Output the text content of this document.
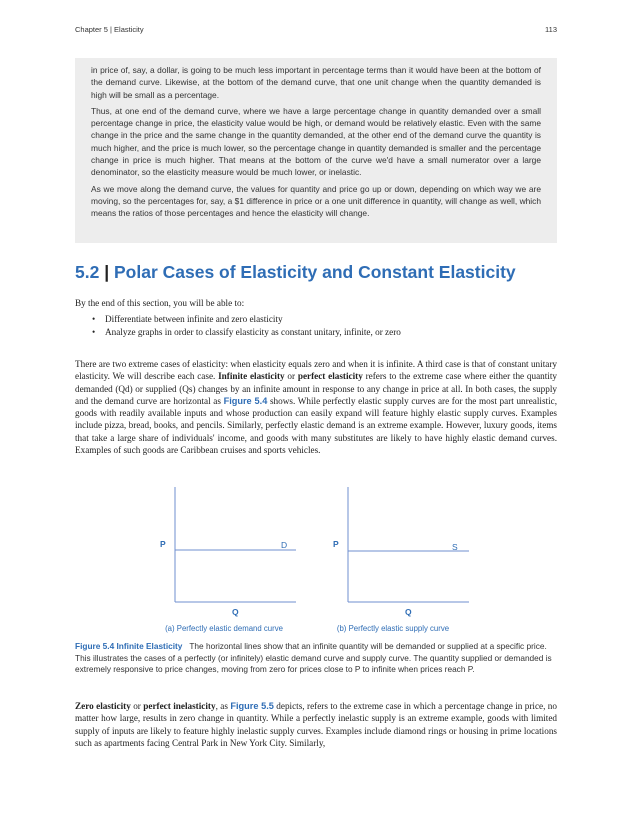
Chapter 5 | Elasticity	113

in price of, say, a dollar, is going to be much less important in percentage terms than it would have been at the bottom of the demand curve. Likewise, at the bottom of the demand curve, that one unit change when the quantity demanded is high will be small as a percentage.

Thus, at one end of the demand curve, where we have a large percentage change in quantity demanded over a small percentage change in price, the elasticity value would be high, or demand would be relatively elastic. Even with the same change in the price and the same change in the quantity demanded, at the other end of the demand curve the quantity is much higher, and the price is much lower, so the percentage change in quantity demanded is smaller and the percentage change in price is much higher. That means at the bottom of the curve we'd have a small numerator over a large denominator, so the elasticity measure would be much lower, or inelastic.

As we move along the demand curve, the values for quantity and price go up or down, depending on which way we are moving, so the percentages for, say, a $1 difference in price or a one unit difference in quantity, will change as well, which means the ratios of those percentages and hence the elasticity will change.

5.2 | Polar Cases of Elasticity and Constant Elasticity

By the end of this section, you will be able to:

• Differentiate between infinite and zero elasticity
• Analyze graphs in order to classify elasticity as constant unitary, infinite, or zero

There are two extreme cases of elasticity: when elasticity equals zero and when it is infinite. A third case is that of constant unitary elasticity. We will describe each case. Infinite elasticity or perfect elasticity refers to the extreme case where either the quantity demanded (Qd) or supplied (Qs) changes by an infinite amount in response to any change in price at all. In both cases, the supply and the demand curve are horizontal as Figure 5.4 shows. While perfectly elastic supply curves are for the most part unrealistic, goods with readily available inputs and whose production can easily expand will feature highly elastic supply curves. Examples include pizza, bread, books, and pencils. Similarly, perfectly elastic demand is an extreme example. However, luxury goods, items that take a large share of individuals' income, and goods with many substitutes are likely to have highly elastic demand curves. Examples of such goods are Caribbean cruises and sports vehicles.

P	D
Q
(a) Perfectly elastic demand curve
P	S
Q
(b) Perfectly elastic supply curve

Figure 5.4 Infinite Elasticity The horizontal lines show that an infinite quantity will be demanded or supplied at a specific price. This illustrates the cases of a perfectly (or infinitely) elastic demand curve and supply curve. The quantity supplied or demanded is extremely responsive to price changes, moving from zero for prices close to P to infinite when prices reach P.

Zero elasticity or perfect inelasticity, as Figure 5.5 depicts, refers to the extreme case in which a percentage change in price, no matter how large, results in zero change in quantity. While a perfectly inelastic supply is an extreme example, goods with limited supply of inputs are likely to feature highly inelastic supply curves. Examples include diamond rings or housing in prime locations such as apartments facing Central Park in New York City. Similarly,
